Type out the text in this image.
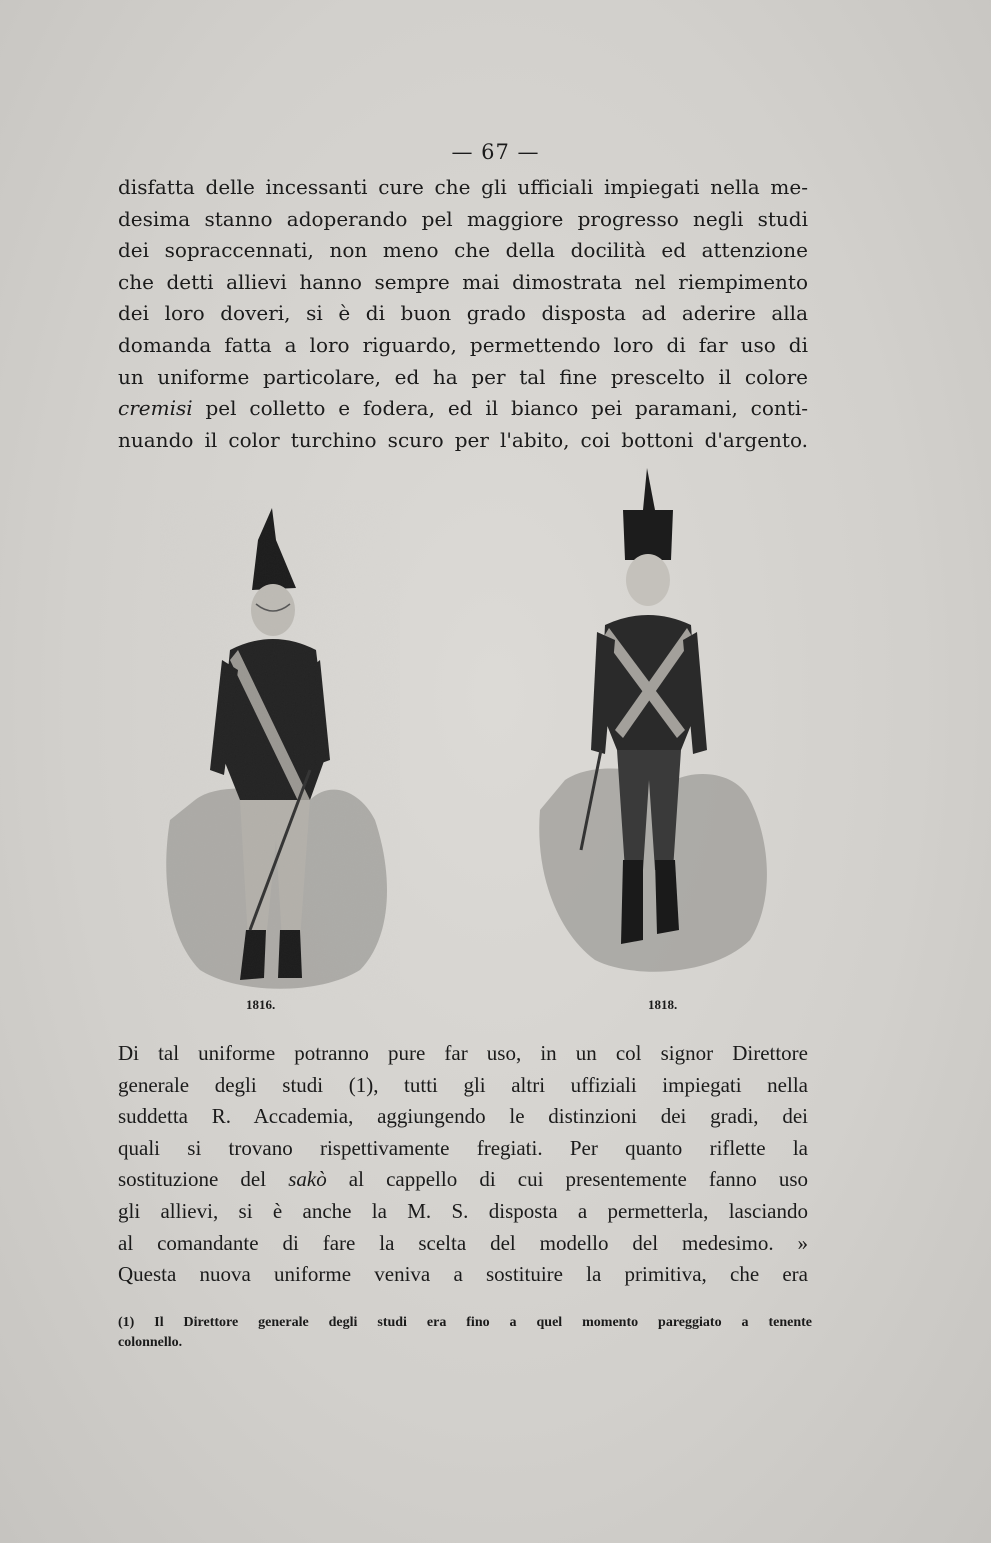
— 67 —
disfatta delle incessanti cure che gli ufficiali impiegati nella me-
desima stanno adoperando pel maggiore progresso negli studi
dei sopraccennati, non meno che della docilità ed attenzione
che detti allievi hanno sempre mai dimostrata nel riempimento
dei loro doveri, si è di buon grado disposta ad aderire alla
domanda fatta a loro riguardo, permettendo loro di far uso di
un uniforme particolare, ed ha per tal fine prescelto il colore
cremisi pel colletto e fodera, ed il bianco pei paramani, conti-
nuando il color turchino scuro per l'abito, coi bottoni d'argento.
1816.	1818.
Di tal uniforme potranno pure far uso, in un col signor Direttore
generale degli studi (1), tutti gli altri uffiziali impiegati nella
suddetta R. Accademia, aggiungendo le distinzioni dei gradi, dei
quali si trovano rispettivamente fregiati. Per quanto riflette la
sostituzione del sakò al cappello di cui presentemente fanno uso
gli allievi, si è anche la M. S. disposta a permetterla, lasciando
al comandante di fare la scelta del modello del medesimo. »
Questa nuova uniforme veniva a sostituire la primitiva, che era
(1) Il Direttore generale degli studi era fino a quel momento pareggiato a tenente
colonnello.
